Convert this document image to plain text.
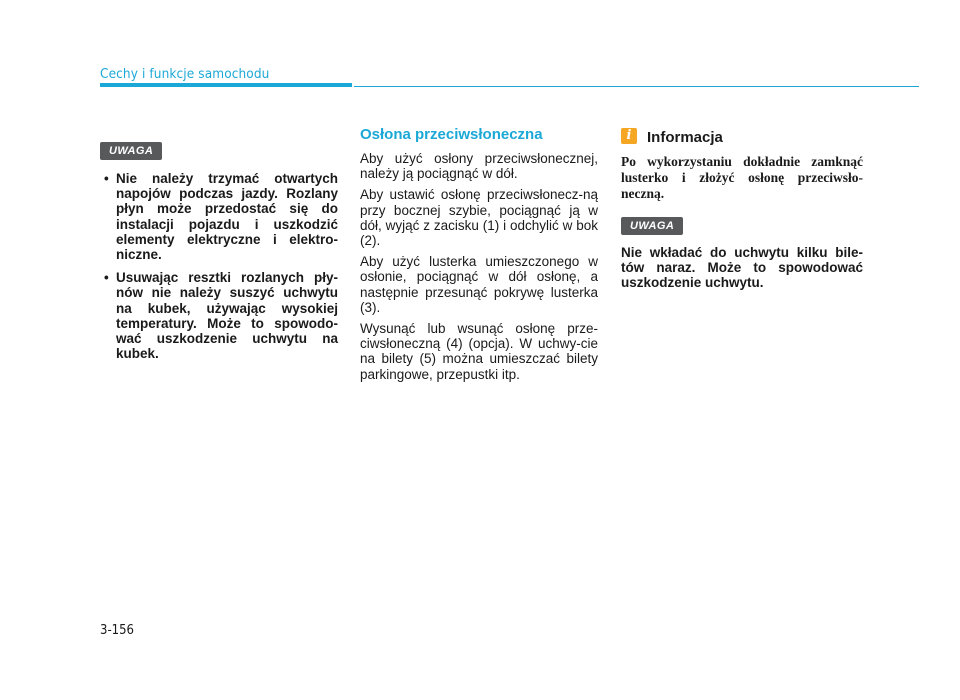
Cechy i funkcje samochodu
UWAGA
• Nie należy trzymać otwartych napojów podczas jazdy. Rozlany płyn może przedostać się do instalacji pojazdu i uszkodzić elementy elektryczne i elektro-niczne.
• Usuwając resztki rozlanych pły-nów nie należy suszyć uchwytu na kubek, używając wysokiej temperatury. Może to spowodo-wać uszkodzenie uchwytu na kubek.
Osłona przeciwsłoneczna

Aby użyć osłony przeciwsłonecznej, należy ją pociągnąć w dół.

Aby ustawić osłonę przeciwsłonecz-ną przy bocznej szybie, pociągnąć ją w dół, wyjąć z zacisku (1) i odchylić w bok (2).

Aby użyć lusterka umieszczonego w osłonie, pociągnąć w dół osłonę, a następnie przesunąć pokrywę lusterka (3).

Wysunąć lub wsunąć osłonę prze-ciwsłoneczną (4) (opcja). W uchwy-cie na bilety (5) można umieszczać bilety parkingowe, przepustki itp.

i	Informacja

Po wykorzystaniu dokładnie zamknąć lusterko i złożyć osłonę przeciwsło-neczną.

UWAGA
Nie wkładać do uchwytu kilku bile-tów naraz. Może to spowodować uszkodzenie uchwytu.
3-156
